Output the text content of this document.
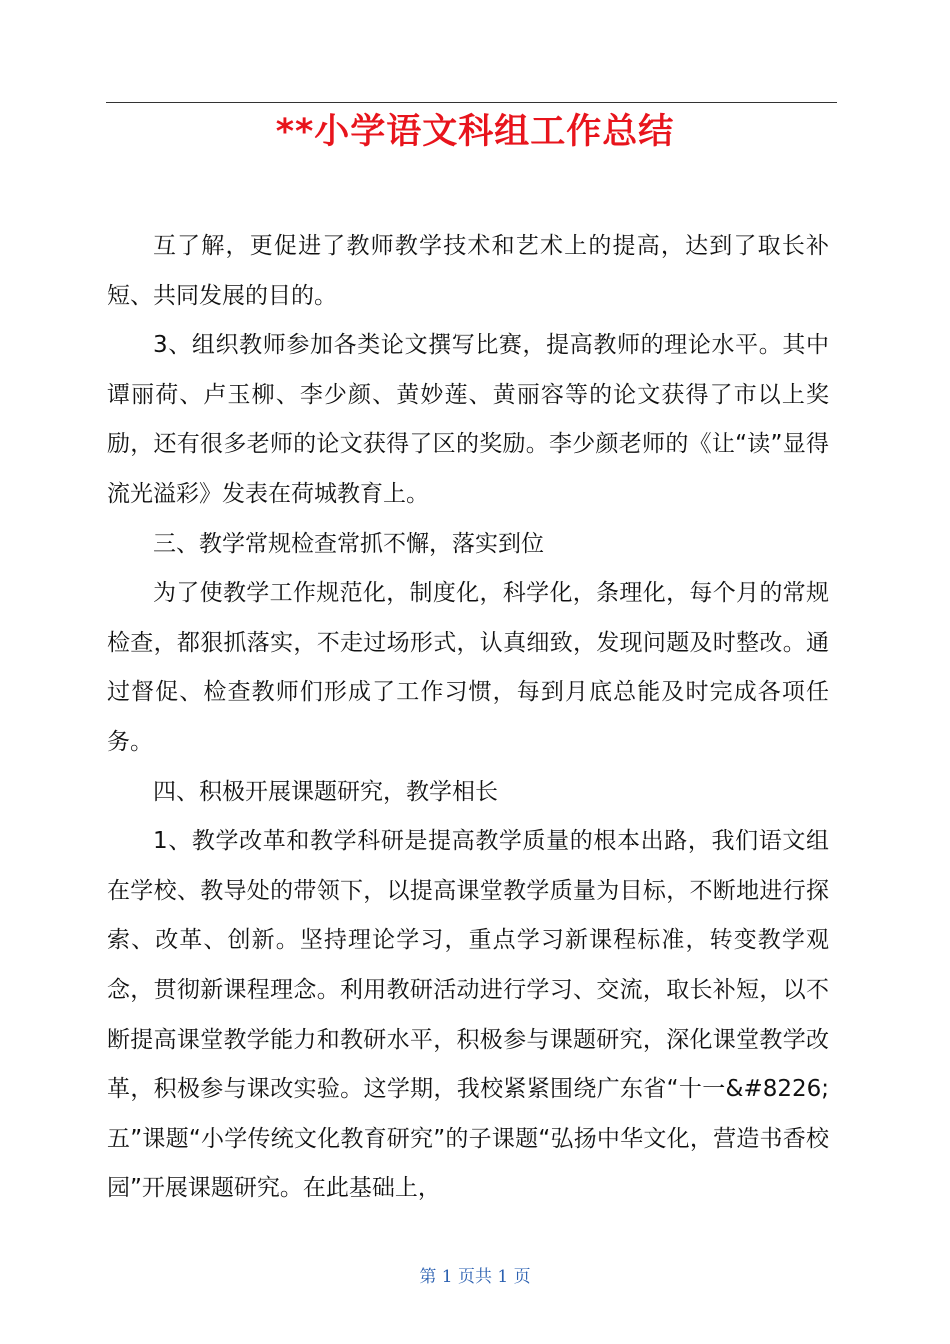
**小学语文科组工作总结

互了解，更促进了教师教学技术和艺术上的提高，达到了取长补短、共同发展的目的。

3、组织教师参加各类论文撰写比赛，提高教师的理论水平。其中谭丽荷、卢玉柳、李少颜、黄妙莲、黄丽容等的论文获得了市以上奖励，还有很多老师的论文获得了区的奖励。李少颜老师的《让“读”显得流光溢彩》发表在荷城教育上。

三、教学常规检查常抓不懈，落实到位

为了使教学工作规范化，制度化，科学化，条理化，每个月的常规检查，都狠抓落实，不走过场形式，认真细致，发现问题及时整改。通过督促、检查教师们形成了工作习惯，每到月底总能及时完成各项任务。

四、积极开展课题研究，教学相长

1、教学改革和教学科研是提高教学质量的根本出路，我们语文组在学校、教导处的带领下，以提高课堂教学质量为目标，不断地进行探索、改革、创新。坚持理论学习，重点学习新课程标准，转变教学观念，贯彻新课程理念。利用教研活动进行学习、交流，取长补短，以不断提高课堂教学能力和教研水平，积极参与课题研究，深化课堂教学改革，积极参与课改实验。这学期，我校紧紧围绕广东省“十一&#8226;五”课题“小学传统文化教育研究”的子课题“弘扬中华文化，营造书香校园”开展课题研究。在此基础上，

第 1 页共 1 页
